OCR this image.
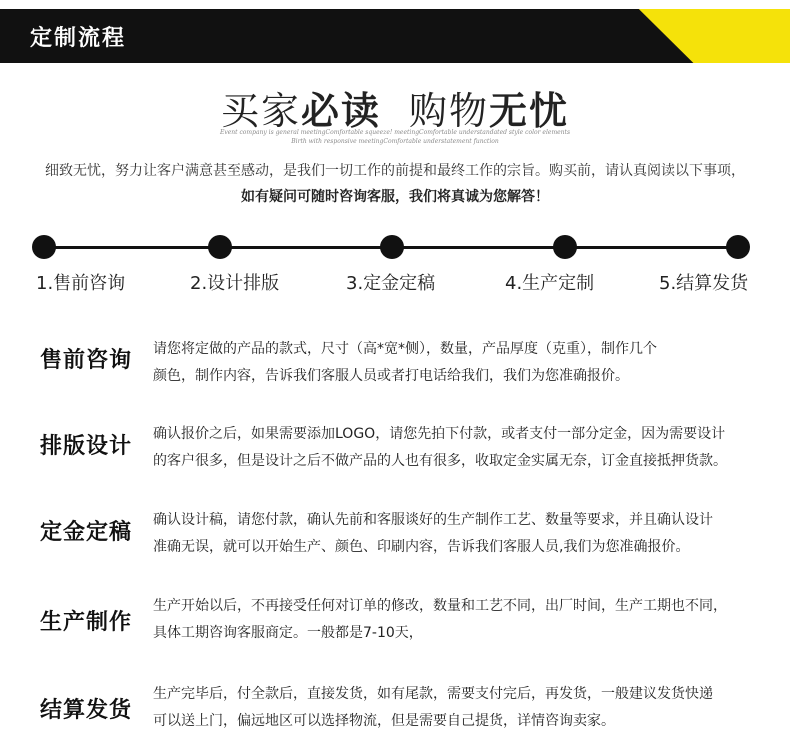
定制流程
买家必读 购物无忧
Event company is general meetingComfortable squeeze! meetingComfortable understandated style color elements
Birth with responsive meetingComfortable understatement function
细致无忧，努力让客户满意甚至感动，是我们一切工作的前提和最终工作的宗旨。购买前，请认真阅读以下事项，
如有疑问可随时咨询客服，我们将真诚为您解答！
1.售前咨询	2.设计排版	3.定金定稿	4.生产定制	5.结算发货
售前咨询 请您将定做的产品的款式，尺寸（高*宽*侧），数量，产品厚度（克重），制作几个
颜色，制作内容，告诉我们客服人员或者打电话给我们，我们为您准确报价。
排版设计 确认报价之后，如果需要添加LOGO，请您先拍下付款，或者支付一部分定金，因为需要设计
的客户很多，但是设计之后不做产品的人也有很多，收取定金实属无奈，订金直接抵押货款。
定金定稿 确认设计稿，请您付款，确认先前和客服谈好的生产制作工艺、数量等要求，并且确认设计
准确无误，就可以开始生产、颜色、印刷内容，告诉我们客服人员,我们为您准确报价。
生产制作
生产开始以后，不再接受任何对订单的修改，数量和工艺不同，出厂时间，生产工期也不同，
具体工期咨询客服商定。一般都是7-10天，
结算发货
生产完毕后，付全款后，直接发货，如有尾款，需要支付完后，再发货，一般建议发货快递
可以送上门，偏远地区可以选择物流，但是需要自己提货，详情咨询卖家。
